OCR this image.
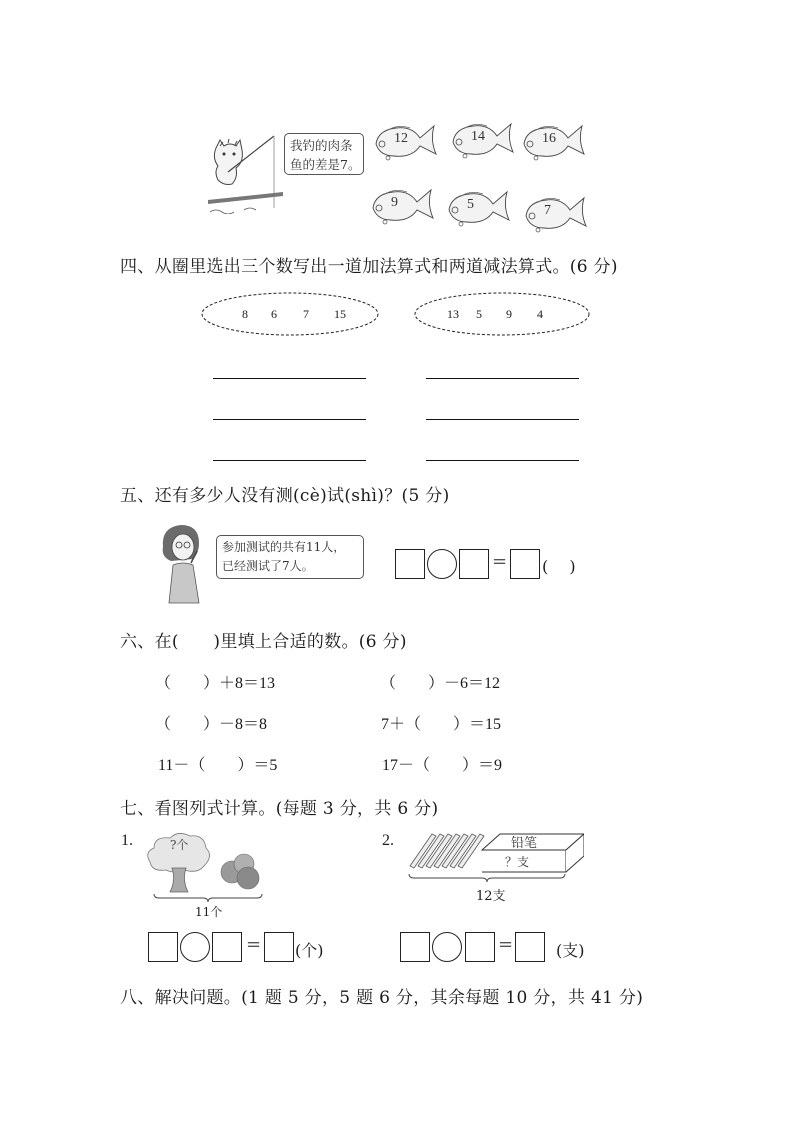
我钓的肉条
鱼的差是7。
12	14	16
9	5	7
四、从圈里选出三个数写出一道加法算式和两道减法算式。(6 分)
8 6 7 15	13 5 9 4
五、还有多少人没有测(cè)试(shì)？(5 分)
参加测试的共有11人，
已经测试了7人。	= (　 )
六、在(　　)里填上合适的数。(6 分)
（　　）＋8＝13	（　　）－6＝12
（　　）－8＝8	7＋（　　）＝15
11－（　　）＝5	17－（　　）＝9
七、看图列式计算。(每题 3 分，共 6 分)
1.	?个
11个
2.	铅笔
？支
12支
= (个)	=	(支)
八、解决问题。(1 题 5 分，5 题 6 分，其余每题 10 分，共 41 分)
